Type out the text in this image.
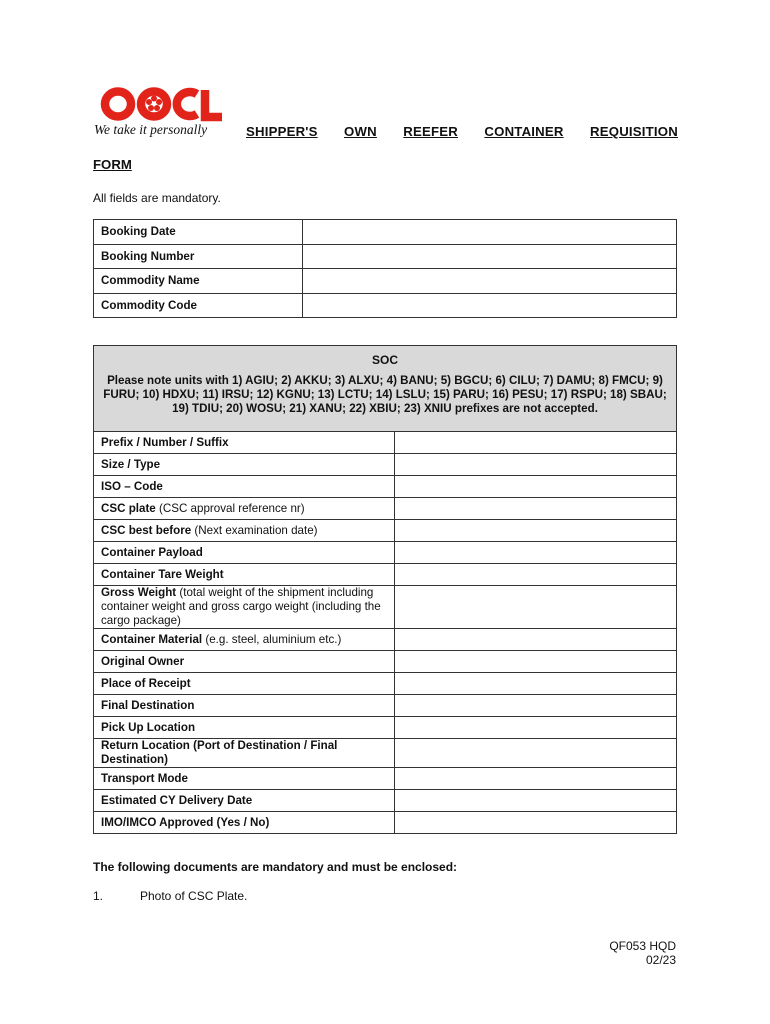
We take it personally	SHIPPER'S OWN REEFER CONTAINER REQUISITION
FORM
All fields are mandatory.
Booking Date	
Booking Number	
Commodity Name	
Commodity Code	
SOC
Please note units with 1) AGIU; 2) AKKU; 3) ALXU; 4) BANU; 5) BGCU; 6) CILU; 7) DAMU; 8) FMCU; 9) FURU; 10) HDXU; 11) IRSU; 12) KGNU; 13) LCTU; 14) LSLU; 15) PARU; 16) PESU; 17) RSPU; 18) SBAU; 19) TDIU; 20) WOSU; 21) XANU; 22) XBIU; 23) XNIU prefixes are not accepted.
Prefix / Number / Suffix	
Size / Type	
ISO – Code	
CSC plate (CSC approval reference nr)	
CSC best before (Next examination date)	
Container Payload	
Container Tare Weight	
Gross Weight (total weight of the shipment including container weight and gross cargo weight (including the cargo package)	
Container Material (e.g. steel, aluminium etc.)	
Original Owner	
Place of Receipt	
Final Destination	
Pick Up Location	
Return Location (Port of Destination / Final Destination)	
Transport Mode	
Estimated CY Delivery Date	
IMO/IMCO Approved (Yes / No)	
The following documents are mandatory and must be enclosed:
1.	Photo of CSC Plate.
QF053 HQD
02/23
